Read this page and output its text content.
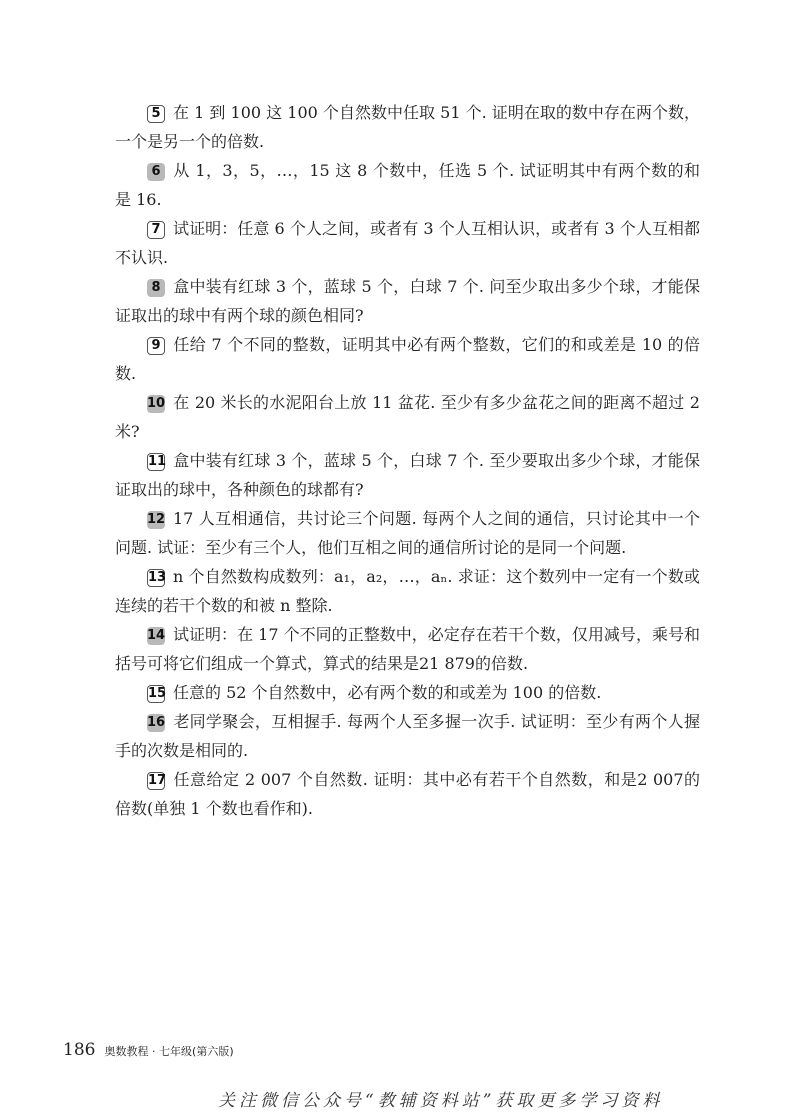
5 在 1 到 100 这 100 个自然数中任取 51 个. 证明在取的数中存在两个数，一个是另一个的倍数.

6 从 1，3，5，…，15 这 8 个数中，任选 5 个. 试证明其中有两个数的和是 16.

7 试证明：任意 6 个人之间，或者有 3 个人互相认识，或者有 3 个人互相都不认识.

8 盒中装有红球 3 个，蓝球 5 个，白球 7 个. 问至少取出多少个球，才能保证取出的球中有两个球的颜色相同?

9 任给 7 个不同的整数，证明其中必有两个整数，它们的和或差是 10 的倍数.

10 在 20 米长的水泥阳台上放 11 盆花. 至少有多少盆花之间的距离不超过 2 米?

11 盒中装有红球 3 个，蓝球 5 个，白球 7 个. 至少要取出多少个球，才能保证取出的球中，各种颜色的球都有?

12 17 人互相通信，共讨论三个问题. 每两个人之间的通信，只讨论其中一个问题. 试证：至少有三个人，他们互相之间的通信所讨论的是同一个问题.

13 n 个自然数构成数列：a₁，a₂，…，aₙ. 求证：这个数列中一定有一个数或连续的若干个数的和被 n 整除.

14 试证明：在 17 个不同的正整数中，必定存在若干个数，仅用减号，乘号和括号可将它们组成一个算式，算式的结果是21 879的倍数.

15 任意的 52 个自然数中，必有两个数的和或差为 100 的倍数.

16 老同学聚会，互相握手. 每两个人至多握一次手. 试证明：至少有两个人握手的次数是相同的.

17 任意给定 2 007 个自然数. 证明：其中必有若干个自然数，和是2 007的倍数(单独 1 个数也看作和).

186 奥数教程 · 七年级(第六版)
关注微信公众号“教辅资料站”获取更多学习资料
